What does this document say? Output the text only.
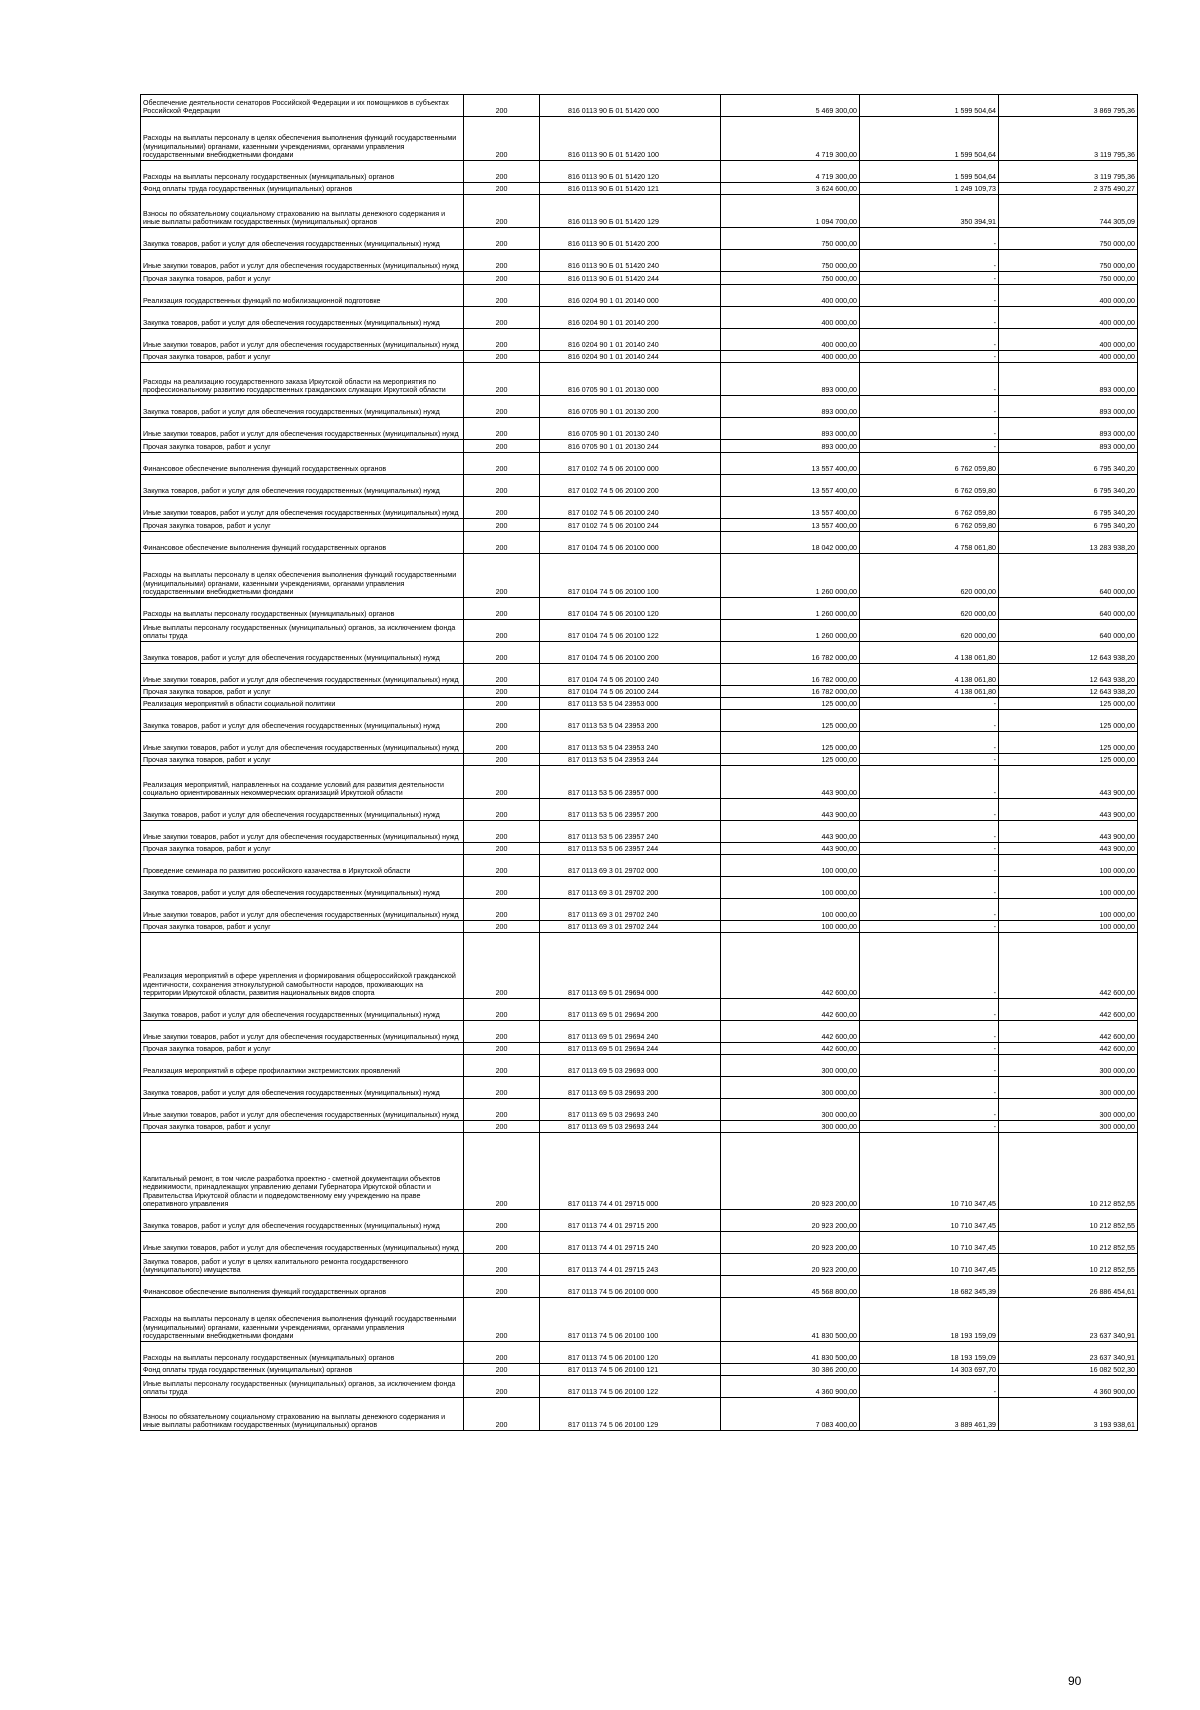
Обеспечение деятельности сенаторов Российской Федерации и их помощников в субъектах Российской Федерации	200	816 0113 90 Б 01 51420 000	5 469 300,00	1 599 504,64	3 869 795,36
Расходы на выплаты персоналу в целях обеспечения выполнения функций государственными (муниципальными) органами, казенными учреждениями, органами управления государственными внебюджетными фондами	200	816 0113 90 Б 01 51420 100	4 719 300,00	1 599 504,64	3 119 795,36
Расходы на выплаты персоналу государственных (муниципальных) органов	200	816 0113 90 Б 01 51420 120	4 719 300,00	1 599 504,64	3 119 795,36
Фонд оплаты труда государственных (муниципальных) органов	200	816 0113 90 Б 01 51420 121	3 624 600,00	1 249 109,73	2 375 490,27
Взносы по обязательному социальному страхованию на выплаты денежного содержания и иные выплаты работникам государственных (муниципальных) органов	200	816 0113 90 Б 01 51420 129	1 094 700,00	350 394,91	744 305,09
Закупка товаров, работ и услуг для обеспечения государственных (муниципальных) нужд	200	816 0113 90 Б 01 51420 200	750 000,00	-	750 000,00
Иные закупки товаров, работ и услуг для обеспечения государственных (муниципальных) нужд	200	816 0113 90 Б 01 51420 240	750 000,00	-	750 000,00
Прочая закупка товаров, работ и услуг	200	816 0113 90 Б 01 51420 244	750 000,00	-	750 000,00
Реализация государственных функций по мобилизационной подготовке	200	816 0204 90 1 01 20140 000	400 000,00	-	400 000,00
Закупка товаров, работ и услуг для обеспечения государственных (муниципальных) нужд	200	816 0204 90 1 01 20140 200	400 000,00	-	400 000,00
Иные закупки товаров, работ и услуг для обеспечения государственных (муниципальных) нужд	200	816 0204 90 1 01 20140 240	400 000,00	-	400 000,00
Прочая закупка товаров, работ и услуг	200	816 0204 90 1 01 20140 244	400 000,00	-	400 000,00
Расходы на реализацию государственного заказа Иркутской области на мероприятия по профессиональному развитию государственных гражданских служащих Иркутской области	200	816 0705 90 1 01 20130 000	893 000,00	-	893 000,00
Закупка товаров, работ и услуг для обеспечения государственных (муниципальных) нужд	200	816 0705 90 1 01 20130 200	893 000,00	-	893 000,00
Иные закупки товаров, работ и услуг для обеспечения государственных (муниципальных) нужд	200	816 0705 90 1 01 20130 240	893 000,00	-	893 000,00
Прочая закупка товаров, работ и услуг	200	816 0705 90 1 01 20130 244	893 000,00	-	893 000,00
Финансовое обеспечение выполнения функций государственных органов	200	817 0102 74 5 06 20100 000	13 557 400,00	6 762 059,80	6 795 340,20
Закупка товаров, работ и услуг для обеспечения государственных (муниципальных) нужд	200	817 0102 74 5 06 20100 200	13 557 400,00	6 762 059,80	6 795 340,20
Иные закупки товаров, работ и услуг для обеспечения государственных (муниципальных) нужд	200	817 0102 74 5 06 20100 240	13 557 400,00	6 762 059,80	6 795 340,20
Прочая закупка товаров, работ и услуг	200	817 0102 74 5 06 20100 244	13 557 400,00	6 762 059,80	6 795 340,20
Финансовое обеспечение выполнения функций государственных органов	200	817 0104 74 5 06 20100 000	18 042 000,00	4 758 061,80	13 283 938,20
Расходы на выплаты персоналу в целях обеспечения выполнения функций государственными (муниципальными) органами, казенными учреждениями, органами управления государственными внебюджетными фондами	200	817 0104 74 5 06 20100 100	1 260 000,00	620 000,00	640 000,00
Расходы на выплаты персоналу государственных (муниципальных) органов	200	817 0104 74 5 06 20100 120	1 260 000,00	620 000,00	640 000,00
Иные выплаты персоналу государственных (муниципальных) органов, за исключением фонда оплаты труда	200	817 0104 74 5 06 20100 122	1 260 000,00	620 000,00	640 000,00
Закупка товаров, работ и услуг для обеспечения государственных (муниципальных) нужд	200	817 0104 74 5 06 20100 200	16 782 000,00	4 138 061,80	12 643 938,20
Иные закупки товаров, работ и услуг для обеспечения государственных (муниципальных) нужд	200	817 0104 74 5 06 20100 240	16 782 000,00	4 138 061,80	12 643 938,20
Прочая закупка товаров, работ и услуг	200	817 0104 74 5 06 20100 244	16 782 000,00	4 138 061,80	12 643 938,20
Реализация мероприятий в области социальной политики	200	817 0113 53 5 04 23953 000	125 000,00	-	125 000,00
Закупка товаров, работ и услуг для обеспечения государственных (муниципальных) нужд	200	817 0113 53 5 04 23953 200	125 000,00	-	125 000,00
Иные закупки товаров, работ и услуг для обеспечения государственных (муниципальных) нужд	200	817 0113 53 5 04 23953 240	125 000,00	-	125 000,00
Прочая закупка товаров, работ и услуг	200	817 0113 53 5 04 23953 244	125 000,00	-	125 000,00
Реализация мероприятий, направленных на создание условий для развития деятельности социально ориентированных некоммерческих организаций Иркутской области	200	817 0113 53 5 06 23957 000	443 900,00	-	443 900,00
Закупка товаров, работ и услуг для обеспечения государственных (муниципальных) нужд	200	817 0113 53 5 06 23957 200	443 900,00	-	443 900,00
Иные закупки товаров, работ и услуг для обеспечения государственных (муниципальных) нужд	200	817 0113 53 5 06 23957 240	443 900,00	-	443 900,00
Прочая закупка товаров, работ и услуг	200	817 0113 53 5 06 23957 244	443 900,00	-	443 900,00
Проведение семинара по развитию российского казачества в Иркутской области	200	817 0113 69 3 01 29702 000	100 000,00	-	100 000,00
Закупка товаров, работ и услуг для обеспечения государственных (муниципальных) нужд	200	817 0113 69 3 01 29702 200	100 000,00	-	100 000,00
Иные закупки товаров, работ и услуг для обеспечения государственных (муниципальных) нужд	200	817 0113 69 3 01 29702 240	100 000,00	-	100 000,00
Прочая закупка товаров, работ и услуг	200	817 0113 69 3 01 29702 244	100 000,00	-	100 000,00
Реализация мероприятий в сфере укрепления и формирования общероссийской гражданской идентичности, сохранения этнокультурной самобытности народов, проживающих на территории Иркутской области, развития национальных видов спорта	200	817 0113 69 5 01 29694 000	442 600,00	-	442 600,00
Закупка товаров, работ и услуг для обеспечения государственных (муниципальных) нужд	200	817 0113 69 5 01 29694 200	442 600,00	-	442 600,00
Иные закупки товаров, работ и услуг для обеспечения государственных (муниципальных) нужд	200	817 0113 69 5 01 29694 240	442 600,00	-	442 600,00
Прочая закупка товаров, работ и услуг	200	817 0113 69 5 01 29694 244	442 600,00	-	442 600,00
Реализация мероприятий в сфере профилактики экстремистских проявлений	200	817 0113 69 5 03 29693 000	300 000,00	-	300 000,00
Закупка товаров, работ и услуг для обеспечения государственных (муниципальных) нужд	200	817 0113 69 5 03 29693 200	300 000,00	-	300 000,00
Иные закупки товаров, работ и услуг для обеспечения государственных (муниципальных) нужд	200	817 0113 69 5 03 29693 240	300 000,00	-	300 000,00
Прочая закупка товаров, работ и услуг	200	817 0113 69 5 03 29693 244	300 000,00	-	300 000,00
Капитальный ремонт, в том числе разработка проектно - сметной документации объектов недвижимости, принадлежащих управлению делами Губернатора Иркутской области и Правительства Иркутской области и подведомственному ему учреждению на праве оперативного управления	200	817 0113 74 4 01 29715 000	20 923 200,00	10 710 347,45	10 212 852,55
Закупка товаров, работ и услуг для обеспечения государственных (муниципальных) нужд	200	817 0113 74 4 01 29715 200	20 923 200,00	10 710 347,45	10 212 852,55
Иные закупки товаров, работ и услуг для обеспечения государственных (муниципальных) нужд	200	817 0113 74 4 01 29715 240	20 923 200,00	10 710 347,45	10 212 852,55
Закупка товаров, работ и услуг в целях капитального ремонта государственного (муниципального) имущества	200	817 0113 74 4 01 29715 243	20 923 200,00	10 710 347,45	10 212 852,55
Финансовое обеспечение выполнения функций государственных органов	200	817 0113 74 5 06 20100 000	45 568 800,00	18 682 345,39	26 886 454,61
Расходы на выплаты персоналу в целях обеспечения выполнения функций государственными (муниципальными) органами, казенными учреждениями, органами управления государственными внебюджетными фондами	200	817 0113 74 5 06 20100 100	41 830 500,00	18 193 159,09	23 637 340,91
Расходы на выплаты персоналу государственных (муниципальных) органов	200	817 0113 74 5 06 20100 120	41 830 500,00	18 193 159,09	23 637 340,91
Фонд оплаты труда государственных (муниципальных) органов	200	817 0113 74 5 06 20100 121	30 386 200,00	14 303 697,70	16 082 502,30
Иные выплаты персоналу государственных (муниципальных) органов, за исключением фонда оплаты труда	200	817 0113 74 5 06 20100 122	4 360 900,00	-	4 360 900,00
Взносы по обязательному социальному страхованию на выплаты денежного содержания и иные выплаты работникам государственных (муниципальных) органов	200	817 0113 74 5 06 20100 129	7 083 400,00	3 889 461,39	3 193 938,61
90
